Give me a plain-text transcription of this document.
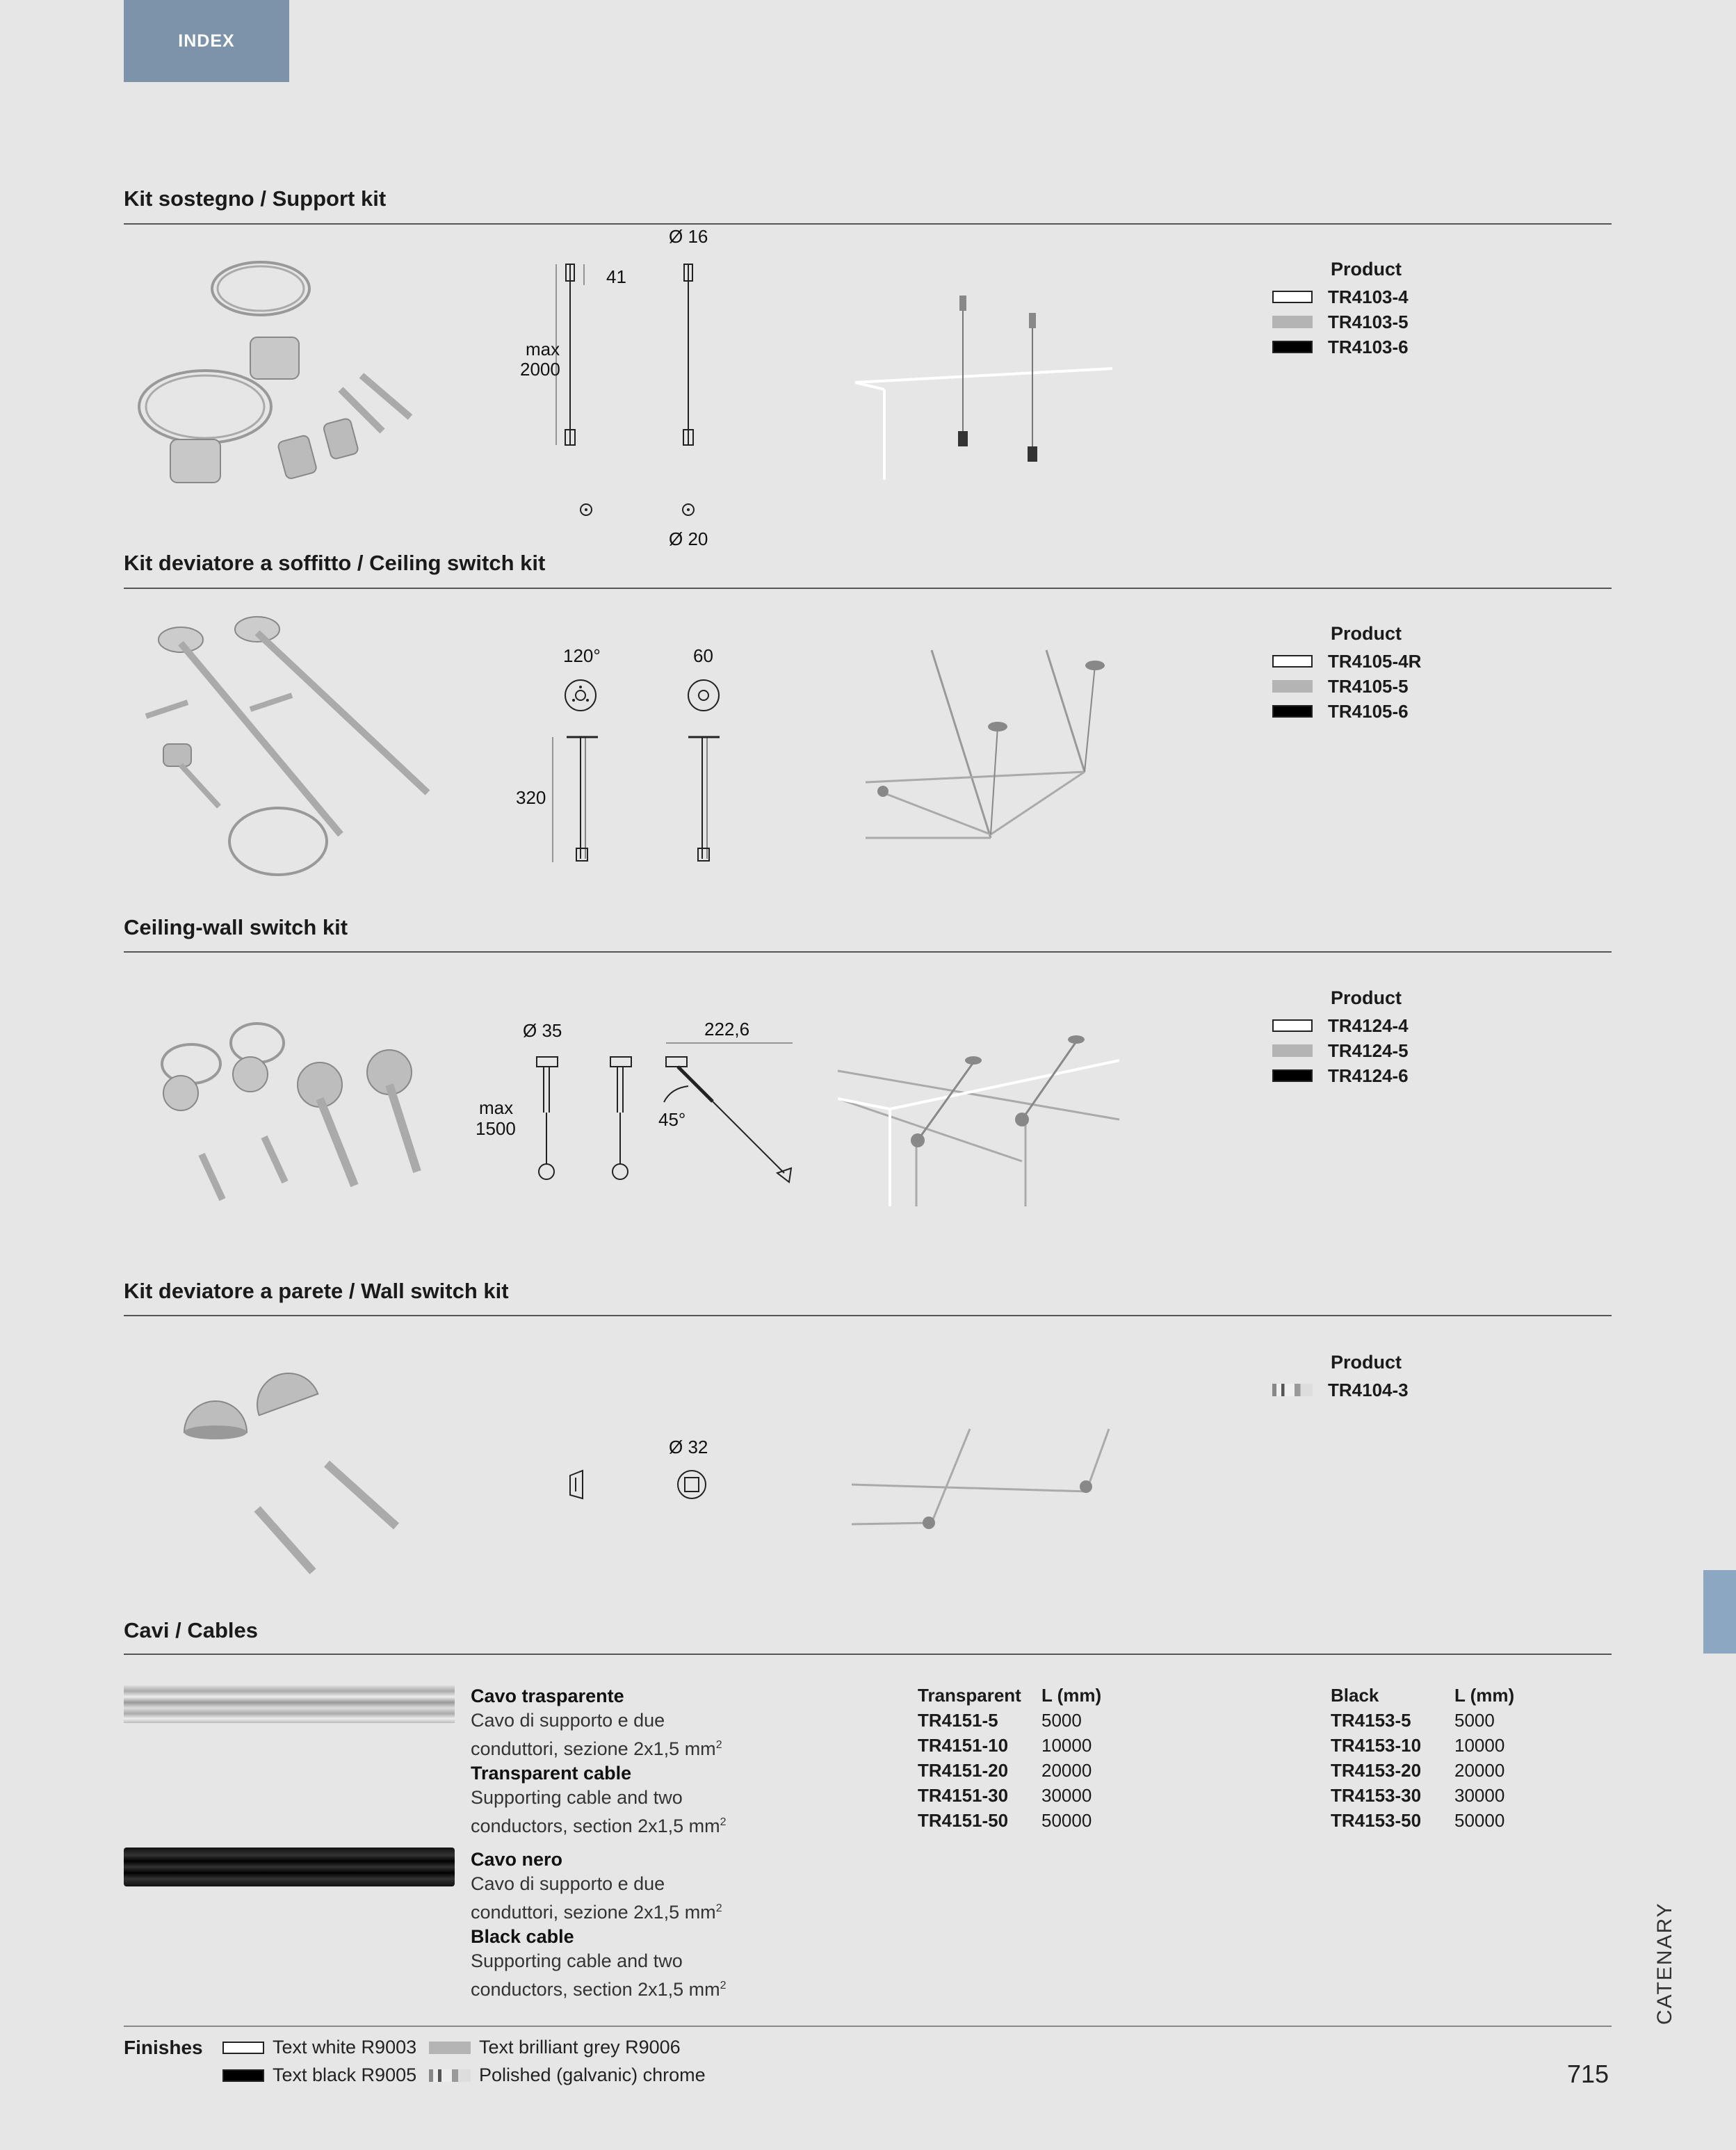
INDEX
Kit sostegno / Support kit
Ø 16
41
max
2000
Ø 20
Product
TR4103-4
TR4103-5
TR4103-6
Kit deviatore a soffitto / Ceiling switch kit
120°	60
320
Product
TR4105-4R
TR4105-5
TR4105-6
Ceiling-wall switch kit
Ø 35	222,6
max
1500	45°
Product
TR4124-4
TR4124-5
TR4124-6
Kit deviatore a parete / Wall switch kit
Ø 32
Product
TR4104-3
Cavi / Cables
Cavo trasparente
Cavo di supporto e due
conduttori, sezione 2x1,5 $mm^2$
Transparent cable
Supporting cable and two
conductors, section 2x1,5 $mm^2$
Cavo nero
Cavo di supporto e due
conduttori, sezione 2x1,5 $mm^2$
Black cable
Supporting cable and two
conductors, section 2x1,5 $mm^2$
Transparent	L (mm)
TR4151-5	5000
TR4151-10	10000
TR4151-20	20000
TR4151-30	30000
TR4151-50	50000
Black	L (mm)
TR4153-5	5000
TR4153-10	10000
TR4153-20	20000
TR4153-30	30000
TR4153-50	50000
Finishes	Text white R9003	Text brilliant grey R9006
Text black R9005	Polished (galvanic) chrome
CATENARY
715
